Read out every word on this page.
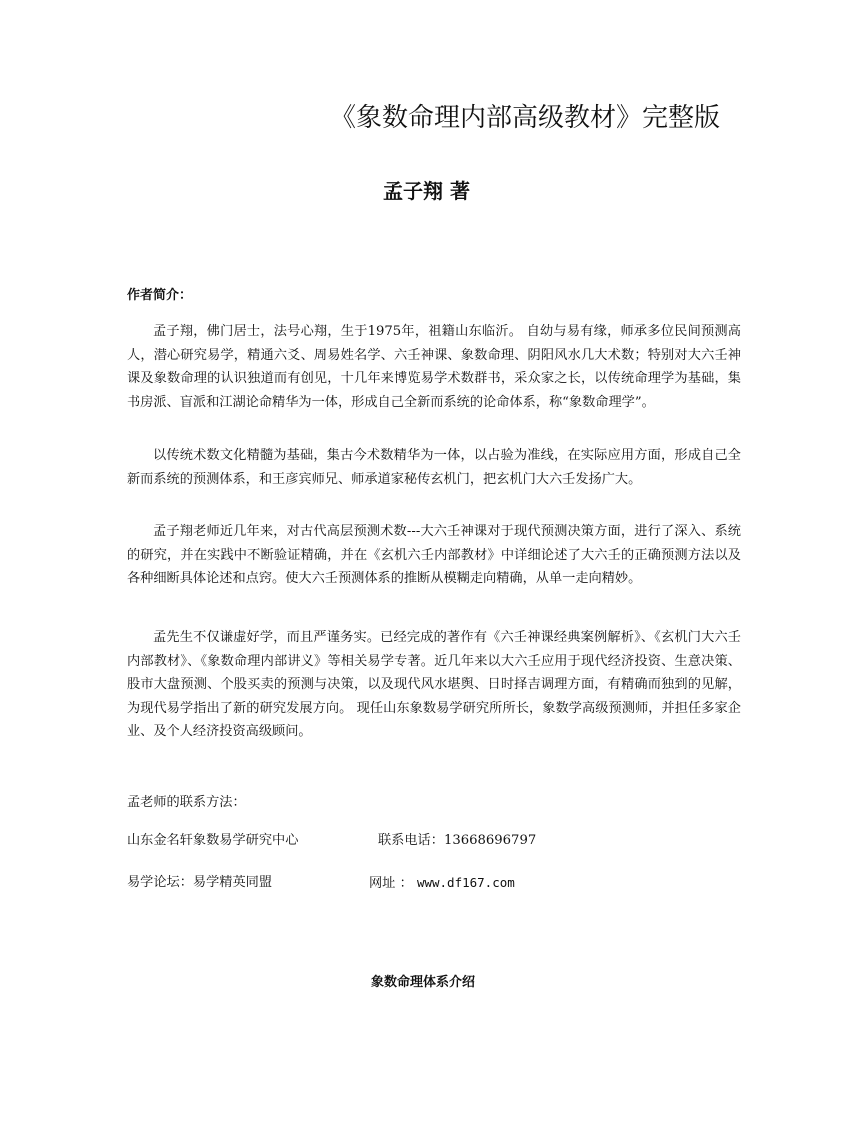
《象数命理内部高级教材》完整版
孟子翔 著
作者简介：

孟子翔，佛门居士，法号心翔，生于1975年，祖籍山东临沂。 自幼与易有缘，师承多位民间预测高人，潜心研究易学，精通六爻、周易姓名学、六壬神课、象数命理、阴阳风水几大术数；特别对大六壬神课及象数命理的认识独道而有创见，十几年来博览易学术数群书，采众家之长，以传统命理学为基础，集书房派、盲派和江湖论命精华为一体，形成自己全新而系统的论命体系，称“象数命理学”。

以传统术数文化精髓为基础，集古今术数精华为一体，以占验为准线，在实际应用方面，形成自己全新而系统的预测体系，和王彦宾师兄、师承道家秘传玄机门，把玄机门大六壬发扬广大。

孟子翔老师近几年来，对古代高层预测术数---大六壬神课对于现代预测决策方面，进行了深入、系统的研究，并在实践中不断验证精确，并在《玄机六壬内部教材》中详细论述了大六壬的正确预测方法以及各种细断具体论述和点窍。使大六壬预测体系的推断从模糊走向精确，从单一走向精妙。

孟先生不仅谦虚好学，而且严谨务实。已经完成的著作有《六壬神课经典案例解析》、《玄机门大六壬内部教材》、《象数命理内部讲义》等相关易学专著。近几年来以大六壬应用于现代经济投资、生意决策、股市大盘预测、个股买卖的预测与决策，以及现代风水堪舆、日时择吉调理方面，有精确而独到的见解，为现代易学指出了新的研究发展方向。 现任山东象数易学研究所所长，象数学高级预测师，并担任多家企业、及个人经济投资高级顾问。

孟老师的联系方法：
山东金名轩象数易学研究中心	联系电话：13668696797
易学论坛：易学精英同盟	网址 ： www.df167.com
象数命理体系介绍
